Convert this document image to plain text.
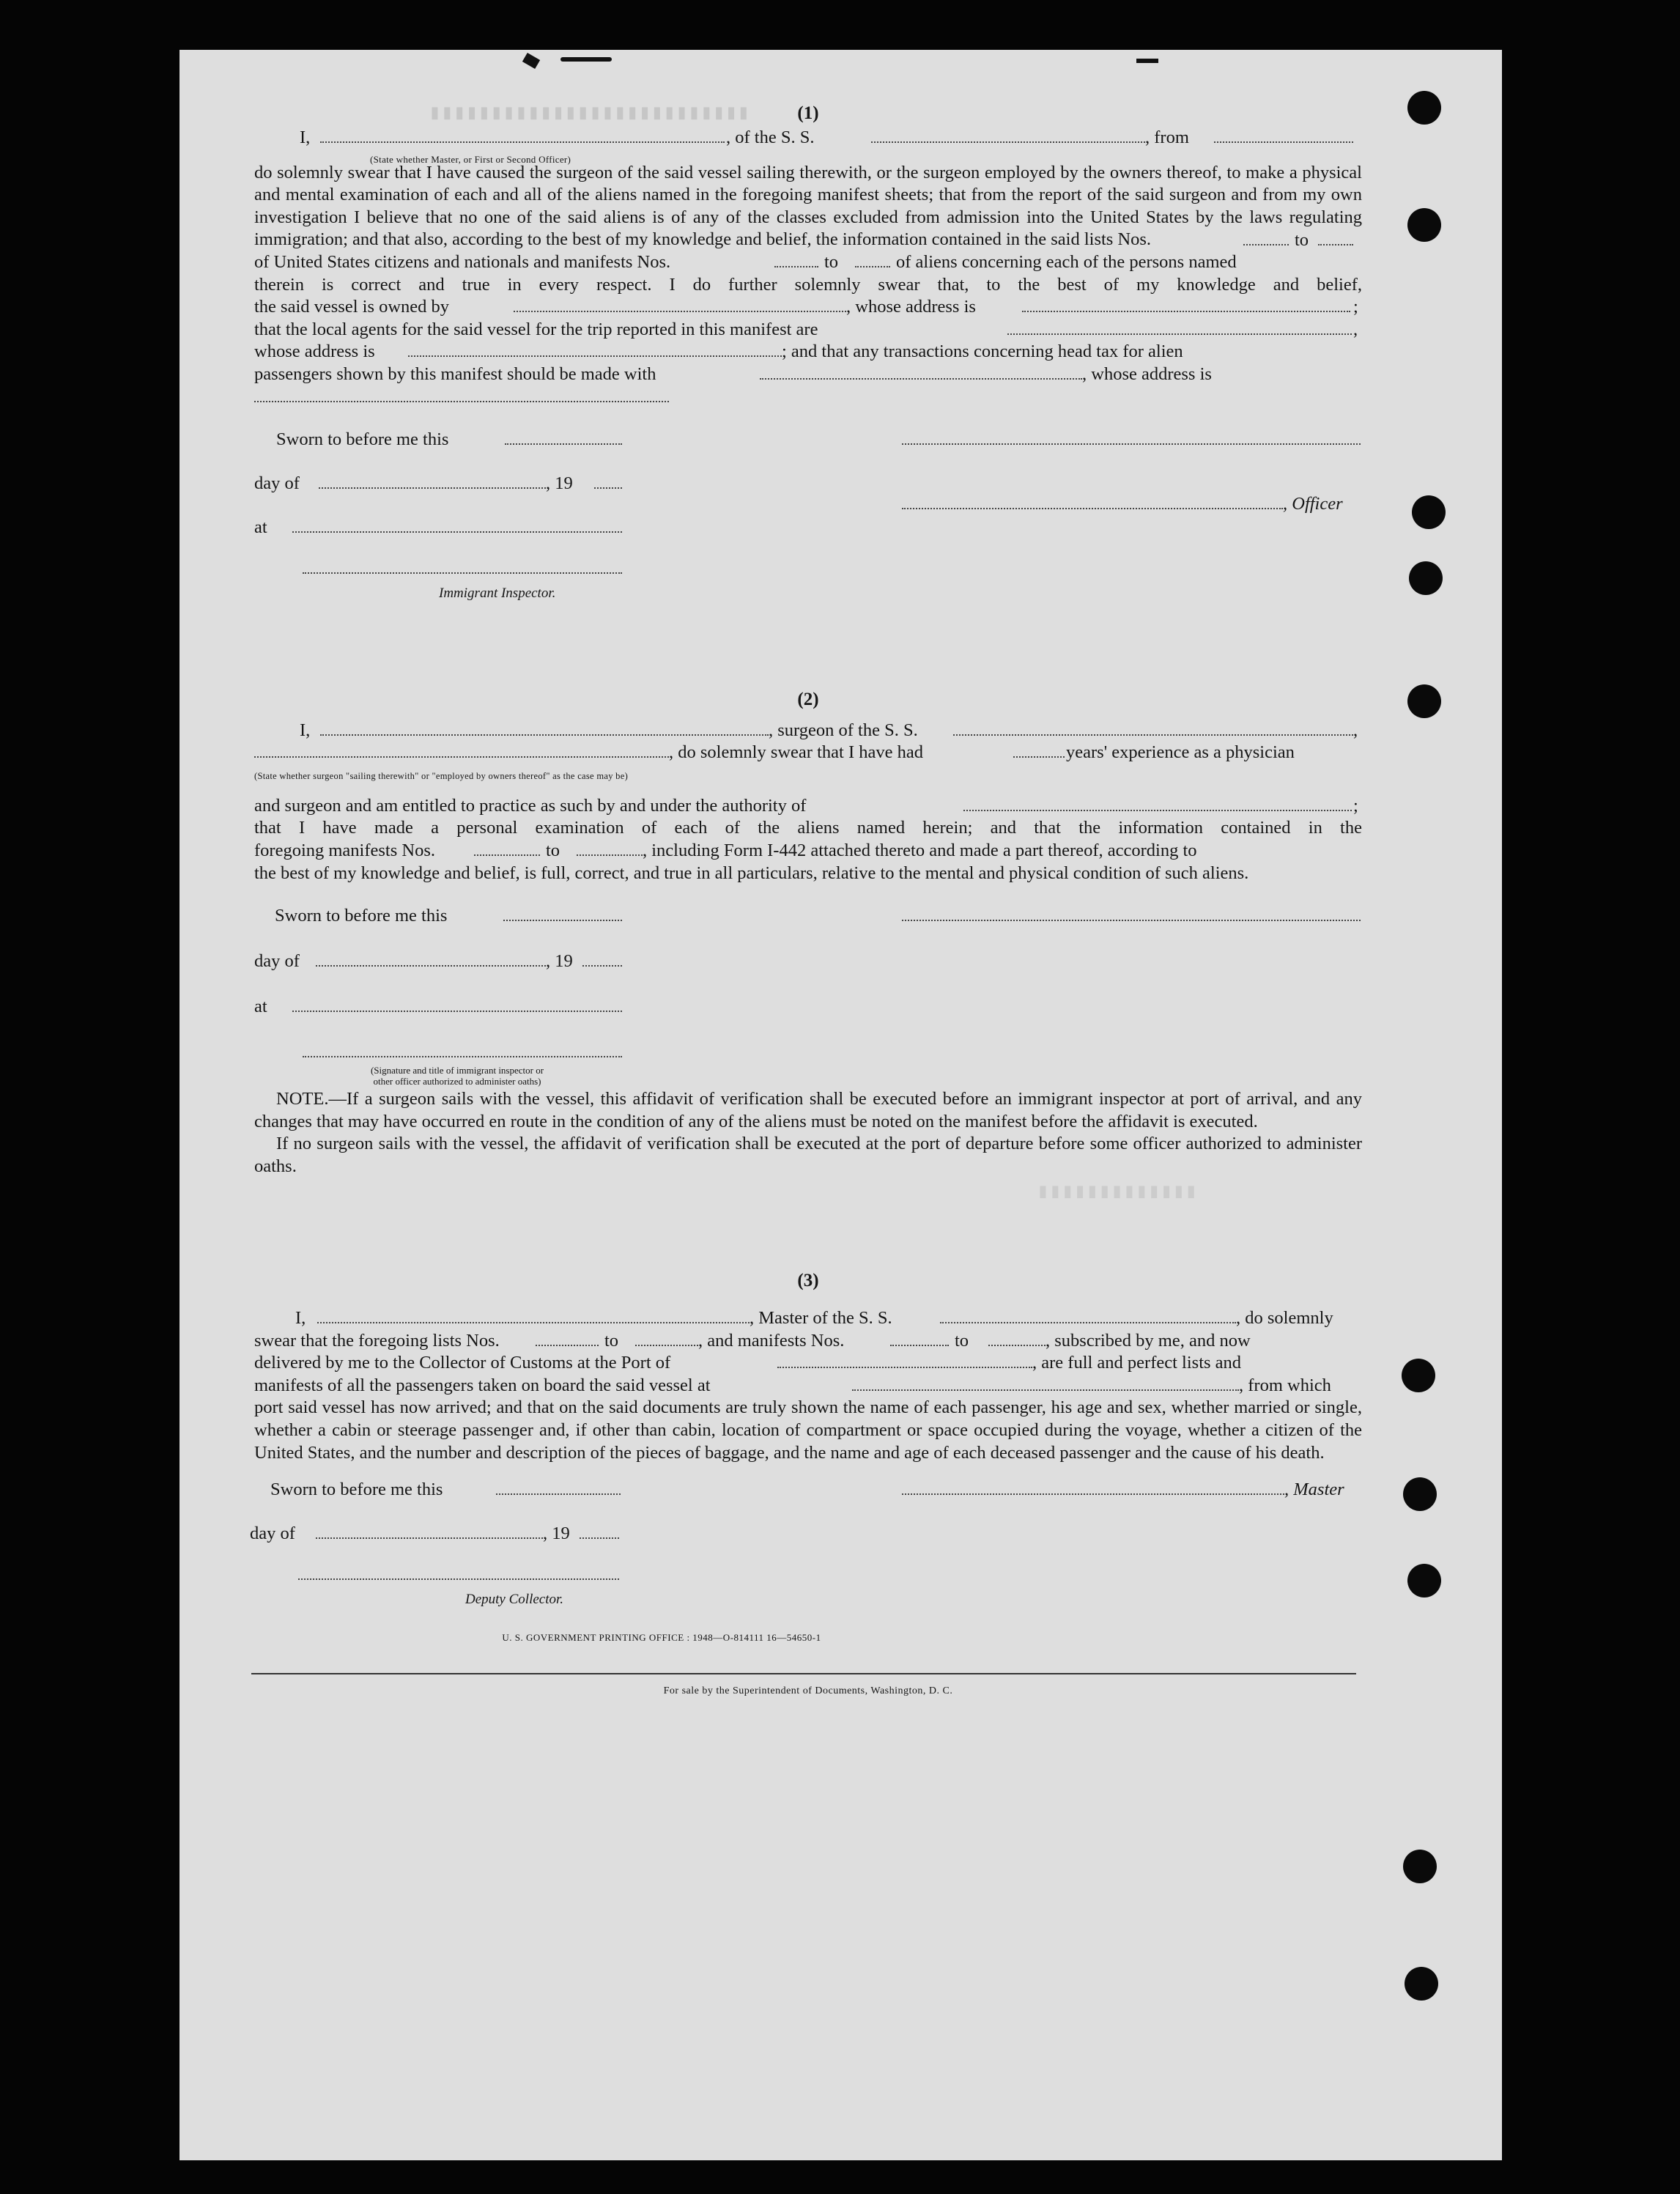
▮▮▮▮▮▮▮▮▮▮▮▮▮▮▮▮▮▮▮▮▮▮▮▮▮▮
▮▮▮▮▮▮▮▮▮▮▮▮▮
(1)
I,	, of the S. S.	, from
(State whether Master, or First or Second Officer)

do solemnly swear that I have caused the surgeon of the said vessel sailing therewith, or the surgeon employed by the owners thereof, to make a physical and mental examination of each and all of the aliens named in the foregoing manifest sheets; that from the report of the said surgeon and from my own investigation I believe that no one of the said aliens is of any of the classes excluded from admission into the United States by the laws regulating immigration; and that also, according to the best of my knowledge and belief, the information contained in the said lists Nos.	to
of United States citizens and nationals and manifests Nos.	to	of aliens concerning each of the persons named

therein is correct and true in every respect. I do further solemnly swear that, to the best of my knowledge and belief,

the said vessel is owned by	, whose address is	;
that the local agents for the said vessel for the trip reported in this manifest are	,
whose address is	; and that any transactions concerning head tax for alien
passengers shown by this manifest should be made with	, whose address is
Sworn to before me this
day of	, 19
, Officer
at
Immigrant Inspector.
(2)
I,	, surgeon of the S. S.	,
, do solemnly swear that I have had	years' experience as a physician
(State whether surgeon "sailing therewith" or "employed by owners thereof" as the case may be)
and surgeon and am entitled to practice as such by and under the authority of	;

that I have made a personal examination of each of the aliens named herein; and that the information contained in the

foregoing manifests Nos.	to	, including Form I-442 attached thereto and made a part thereof, according to

the best of my knowledge and belief, is full, correct, and true in all particulars, relative to the mental and physical condition of such aliens.

Sworn to before me this
day of	, 19
at
(Signature and title of immigrant inspector or
other officer authorized to administer oaths)

NOTE.—If a surgeon sails with the vessel, this affidavit of verification shall be executed before an immigrant inspector at port of arrival, and any changes that may have occurred en route in the condition of any of the aliens must be noted on the manifest before the affidavit is executed.

If no surgeon sails with the vessel, the affidavit of verification shall be executed at the port of departure before some officer authorized to administer oaths.

(3)
I,	, Master of the S. S.	, do solemnly
swear that the foregoing lists Nos.	to	, and manifests Nos.	to	, subscribed by me, and now
delivered by me to the Collector of Customs at the Port of	, are full and perfect lists and
manifests of all the passengers taken on board the said vessel at	, from which

port said vessel has now arrived; and that on the said documents are truly shown the name of each passenger, his age and sex, whether married or single, whether a cabin or steerage passenger and, if other than cabin, location of compartment or space occupied during the voyage, whether a citizen of the United States, and the number and description of the pieces of baggage, and the name and age of each deceased passenger and the cause of his death.

Sworn to before me this	, Master
day of	, 19
Deputy Collector.
U. S. GOVERNMENT PRINTING OFFICE : 1948—O-814111 16—54650-1
For sale by the Superintendent of Documents, Washington, D. C.
